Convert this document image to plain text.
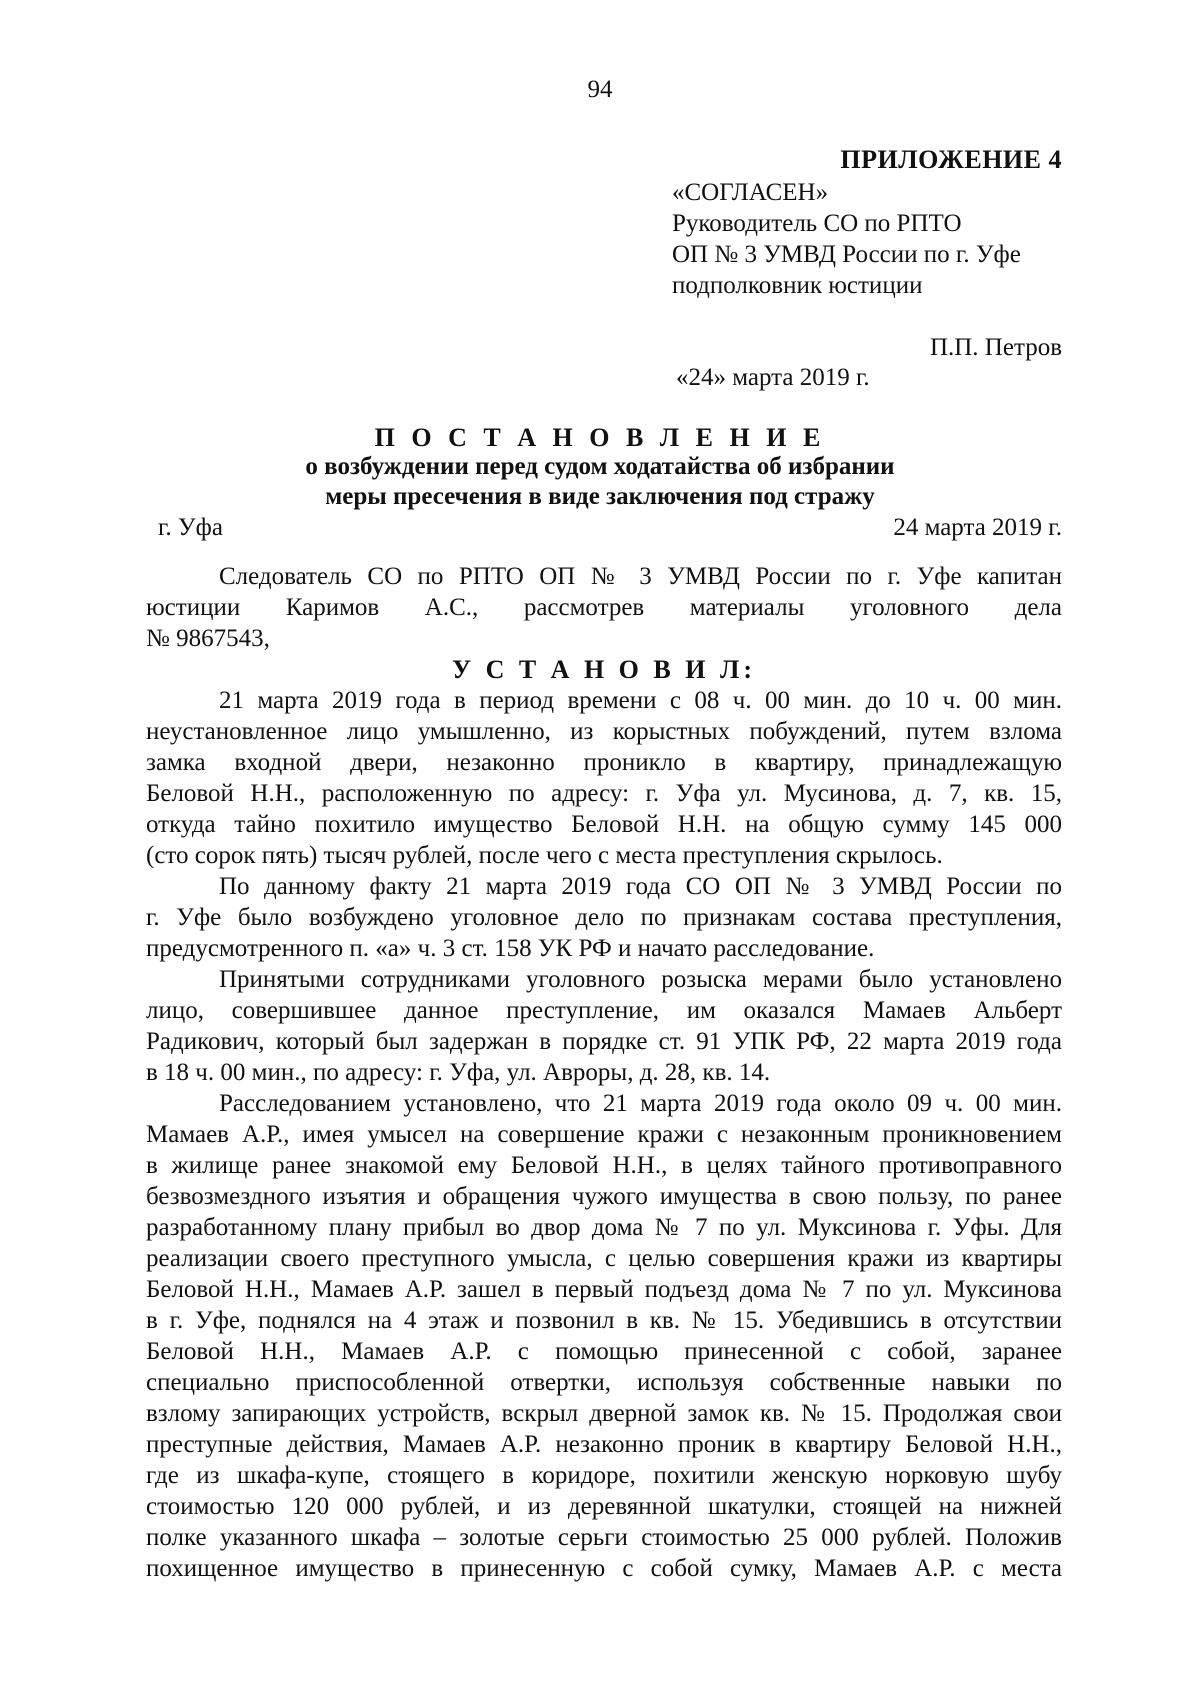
94
ПРИЛОЖЕНИЕ 4
«СОГЛАСЕН»
Руководитель СО по РПТО
ОП № 3 УМВД России по г. Уфе
подполковник юстиции
П.П. Петров
«24» марта 2019 г.
П О С Т А Н О В Л Е Н И Е
о возбуждении перед судом ходатайства об избрании
меры пресечения в виде заключения под стражу
г. Уфа	24 марта 2019 г.

Следователь СО по РПТО ОП № 3 УМВД России по г. Уфе капитан
юстиции Каримов А.С., рассмотрев материалы уголовного дела
№ 9867543,

У С Т А Н О В И Л:

21 марта 2019 года в период времени с 08 ч. 00 мин. до 10 ч. 00 мин.
неустановленное лицо умышленно, из корыстных побуждений, путем взлома
замка входной двери, незаконно проникло в квартиру, принадлежащую
Беловой Н.Н., расположенную по адресу: г. Уфа ул. Мусинова, д. 7, кв. 15,
откуда тайно похитило имущество Беловой Н.Н. на общую сумму 145 000
(сто сорок пять) тысяч рублей, после чего с места преступления скрылось.

По данному факту 21 марта 2019 года СО ОП № 3 УМВД России по
г. Уфе было возбуждено уголовное дело по признакам состава преступления,
предусмотренного п. «а» ч. 3 ст. 158 УК РФ и начато расследование.

Принятыми сотрудниками уголовного розыска мерами было установлено
лицо, совершившее данное преступление, им оказался Мамаев Альберт
Радикович, который был задержан в порядке ст. 91 УПК РФ, 22 марта 2019 года
в 18 ч. 00 мин., по адресу: г. Уфа, ул. Авроры, д. 28, кв. 14.

Расследованием установлено, что 21 марта 2019 года около 09 ч. 00 мин.
Мамаев А.Р., имея умысел на совершение кражи с незаконным проникновением
в жилище ранее знакомой ему Беловой Н.Н., в целях тайного противоправного
безвозмездного изъятия и обращения чужого имущества в свою пользу, по ранее
разработанному плану прибыл во двор дома № 7 по ул. Муксинова г. Уфы. Для
реализации своего преступного умысла, с целью совершения кражи из квартиры
Беловой Н.Н., Мамаев А.Р. зашел в первый подъезд дома № 7 по ул. Муксинова
в г. Уфе, поднялся на 4 этаж и позвонил в кв. № 15. Убедившись в отсутствии
Беловой Н.Н., Мамаев А.Р. с помощью принесенной с собой, заранее
специально приспособленной отвертки, используя собственные навыки по
взлому запирающих устройств, вскрыл дверной замок кв. № 15. Продолжая свои
преступные действия, Мамаев А.Р. незаконно проник в квартиру Беловой Н.Н.,
где из шкафа-купе, стоящего в коридоре, похитили женскую норковую шубу
стоимостью 120 000 рублей, и из деревянной шкатулки, стоящей на нижней
полке указанного шкафа – золотые серьги стоимостью 25 000 рублей. Положив
похищенное имущество в принесенную с собой сумку, Мамаев А.Р. с места
